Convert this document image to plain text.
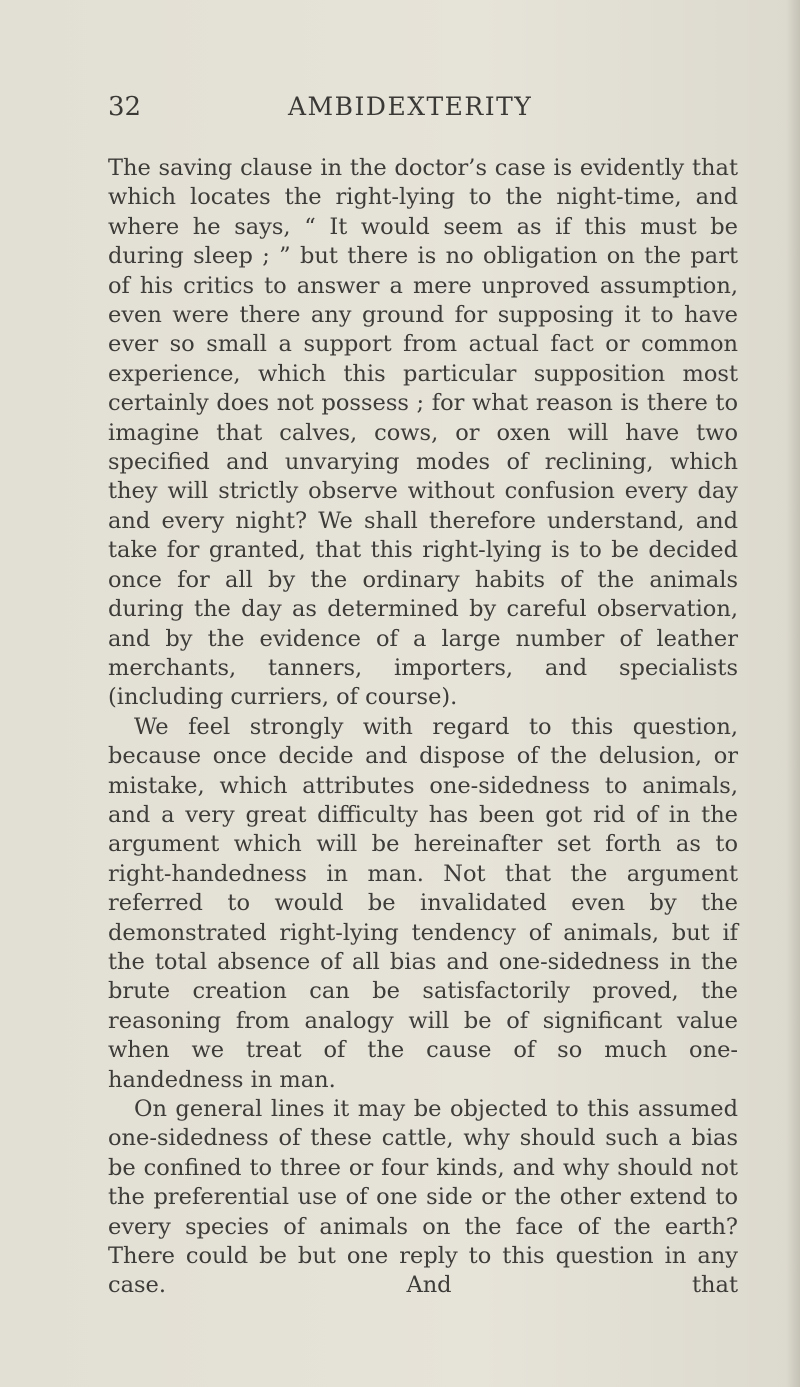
32	AMBIDEXTERITY

The saving clause in the doctor’s case is evidently that which locates the right-lying to the night-time, and where he says, “ It would seem as if this must be during sleep ; ” but there is no obligation on the part of his critics to answer a mere unproved assumption, even were there any ground for supposing it to have ever so small a support from actual fact or common experience, which this particular supposition most certainly does not possess ; for what reason is there to imagine that calves, cows, or oxen will have two specified and unvarying modes of reclining, which they will strictly observe without confusion every day and every night? We shall therefore understand, and take for granted, that this right-lying is to be decided once for all by the ordinary habits of the animals during the day as determined by careful observation, and by the evidence of a large number of leather merchants, tanners, importers, and specialists (including curriers, of course).

We feel strongly with regard to this question, because once decide and dispose of the delusion, or mistake, which attributes one-sidedness to animals, and a very great difficulty has been got rid of in the argument which will be hereinafter set forth as to right-handedness in man. Not that the argument referred to would be invalidated even by the demonstrated right-lying tendency of animals, but if the total absence of all bias and one-sidedness in the brute creation can be satisfactorily proved, the reasoning from analogy will be of significant value when we treat of the cause of so much one-handedness in man.

On general lines it may be objected to this assumed one-sidedness of these cattle, why should such a bias be confined to three or four kinds, and why should not the preferential use of one side or the other extend to every species of animals on the face of the earth? There could be but one reply to this question in any case. And that
